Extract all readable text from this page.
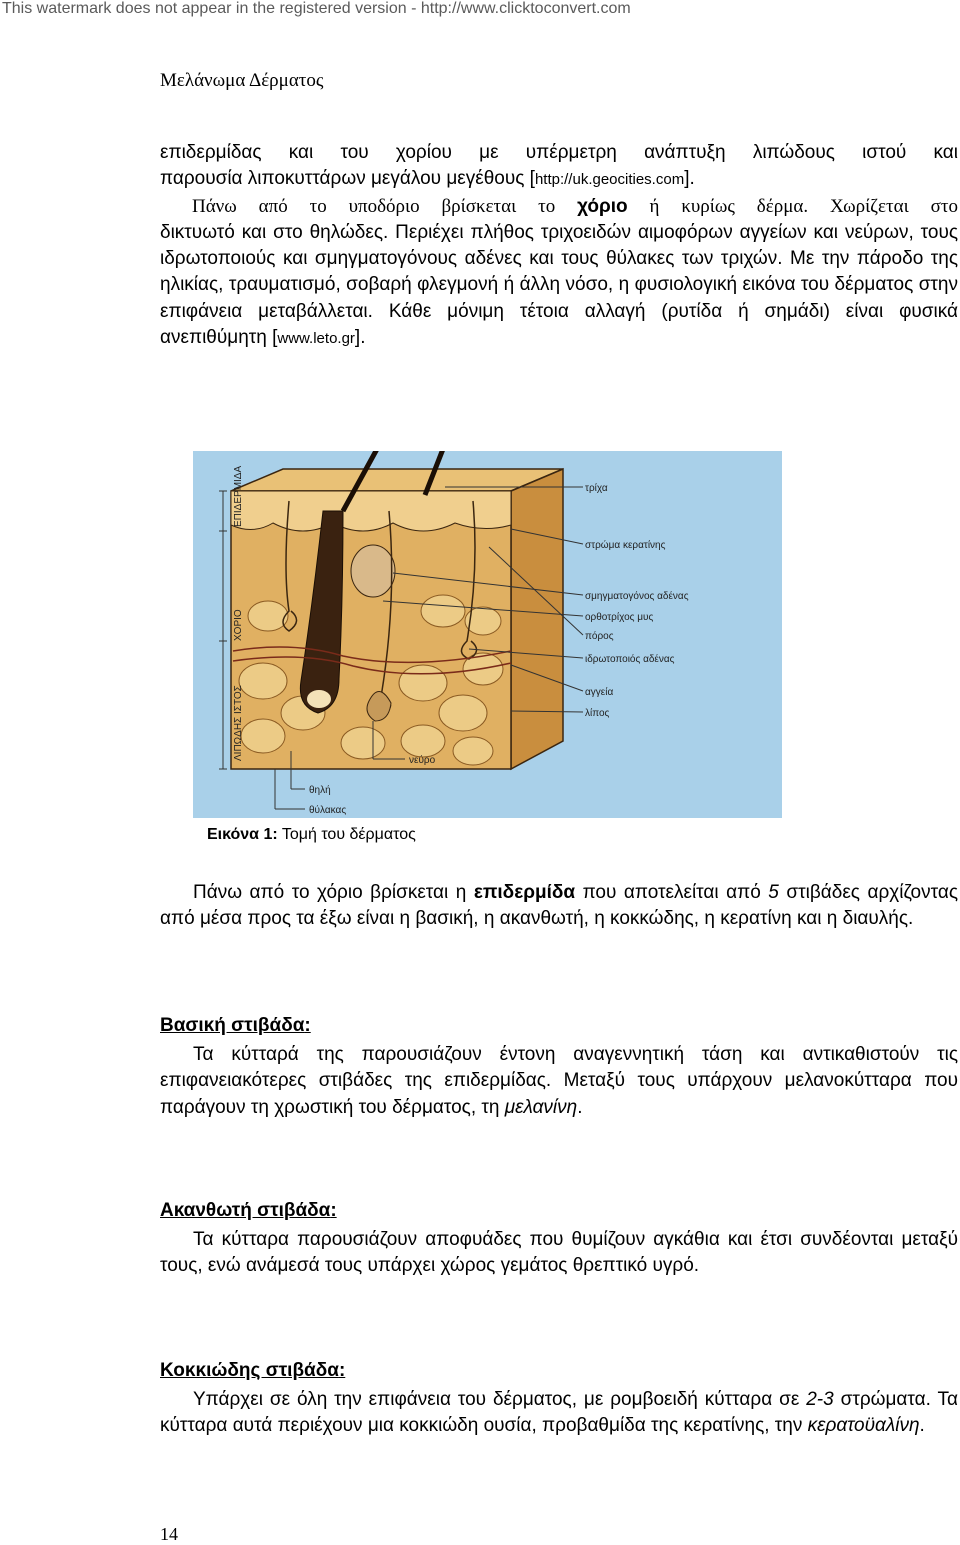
This watermark does not appear in the registered version - http://www.clicktoconvert.com
Μελάνωμα Δέρματος

επιδερμίδας και του χορίου με υπέρμετρη ανάπτυξη λιπώδους ιστού και

παρουσία λιποκυττάρων μεγάλου μεγέθους [http://uk.geocities.com].

Πάνω από το υποδόριο βρίσκεται το χόριο ή κυρίως δέρμα. Χωρίζεται στο

δικτυωτό και στο θηλώδες. Περιέχει πλήθος τριχοειδών αιμοφόρων αγγείων και νεύρων, τους ιδρωτοποιούς και σμηγματογόνους αδένες και τους θύλακες των τριχών. Με την πάροδο της ηλικίας, τραυματισμό, σοβαρή φλεγμονή ή άλλη νόσο, η φυσιολογική εικόνα του δέρματος στην επιφάνεια μεταβάλλεται. Κάθε μόνιμη τέτοια αλλαγή (ρυτίδα ή σημάδι) είναι φυσικά ανεπιθύμητη [www.leto.gr].

τρίχα
στρώμα κερατίνης
σμηγματογόνος αδένας
ορθοτρίχος μυς
πόρος
ιδρωτοποιός αδένας
αγγεία
λίπος
θηλή
νεύρο
θύλακας
ΕΠΙΔΕΡΜΙΔΑ
ΧΟΡΙΟ
ΛΙΠΩΔΗΣ ΙΣΤΟΣ
Εικόνα 1: Τομή του δέρματος

Πάνω από το χόριο βρίσκεται η επιδερμίδα που αποτελείται από 5 στιβάδες αρχίζοντας από μέσα προς τα έξω είναι η βασική, η ακανθωτή, η κοκκώδης, η κερατίνη και η διαυλής.

Βασική στιβάδα:

Τα κύτταρά της παρουσιάζουν έντονη αναγεννητική τάση και αντικαθιστούν τις επιφανειακότερες στιβάδες της επιδερμίδας. Μεταξύ τους υπάρχουν μελανοκύτταρα που παράγουν τη χρωστική του δέρματος, τη μελανίνη.

Ακανθωτή στιβάδα:

Τα κύτταρα παρουσιάζουν αποφυάδες που θυμίζουν αγκάθια και έτσι συνδέονται μεταξύ τους, ενώ ανάμεσά τους υπάρχει χώρος γεμάτος θρεπτικό υγρό.

Κοκκιώδης στιβάδα:

Υπάρχει σε όλη την επιφάνεια του δέρματος, με ρομβοειδή κύτταρα σε 2-3 στρώματα. Τα κύτταρα αυτά περιέχουν μια κοκκιώδη ουσία, προβαθμίδα της κερατίνης, την κερατοϋαλίνη.

14
